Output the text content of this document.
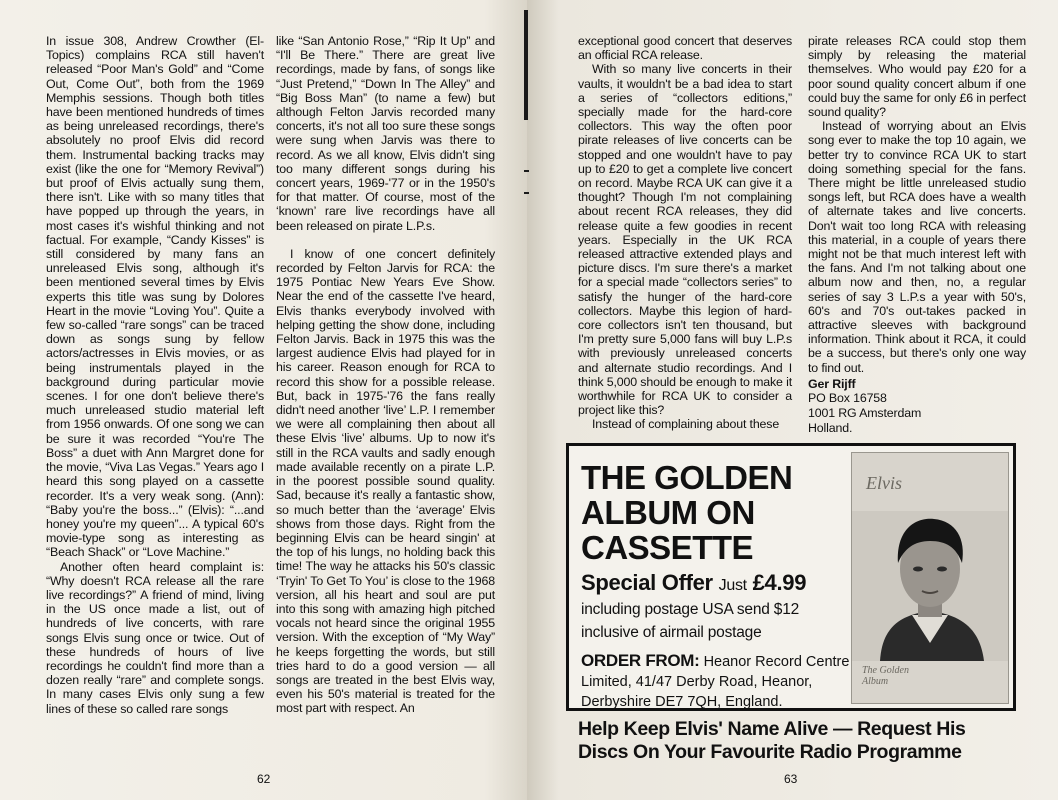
In issue 308, Andrew Crowther (El-Topics) complains RCA still haven't released “Poor Man's Gold” and “Come Out, Come Out”, both from the 1969 Memphis sessions. Though both titles have been mentioned hundreds of times as being unreleased recordings, there's absolutely no proof Elvis did record them. Instrumental backing tracks may exist (like the one for “Memory Revival”) but proof of Elvis actually sung them, there isn't. Like with so many titles that have popped up through the years, in most cases it's wishful thinking and not factual. For example, “Candy Kisses” is still considered by many fans an unreleased Elvis song, although it's been mentioned several times by Elvis experts this title was sung by Dolores Heart in the movie “Loving You”. Quite a few so-called “rare songs” can be traced down as songs sung by fellow actors/actresses in Elvis movies, or as being instrumentals played in the background during particular movie scenes. I for one don't believe there's much unreleased studio material left from 1956 onwards. Of one song we can be sure it was recorded “You're The Boss” a duet with Ann Margret done for the movie, “Viva Las Vegas.” Years ago I heard this song played on a cassette recorder. It's a very weak song. (Ann): “Baby you're the boss...” (Elvis): “...and honey you're my queen”... A typical 60's movie-type song as interesting as “Beach Shack” or “Love Machine.”

Another often heard complaint is: “Why doesn't RCA release all the rare live recordings?” A friend of mind, living in the US once made a list, out of hundreds of live concerts, with rare songs Elvis sung once or twice. Out of these hundreds of hours of live recordings he couldn't find more than a dozen really “rare” and complete songs. In many cases Elvis only sung a few lines of these so called rare songs

like “San Antonio Rose,” “Rip It Up” and “I'll Be There.” There are great live recordings, made by fans, of songs like “Just Pretend,” “Down In The Alley” and “Big Boss Man” (to name a few) but although Felton Jarvis recorded many concerts, it's not all too sure these songs were sung when Jarvis was there to record. As we all know, Elvis didn't sing too many different songs during his concert years, 1969-'77 or in the 1950's for that matter. Of course, most of the ‘known’ rare live recordings have all been released on pirate L.P.s.

I know of one concert definitely recorded by Felton Jarvis for RCA: the 1975 Pontiac New Years Eve Show. Near the end of the cassette I've heard, Elvis thanks everybody involved with helping getting the show done, including Felton Jarvis. Back in 1975 this was the largest audience Elvis had played for in his career. Reason enough for RCA to record this show for a possible release. But, back in 1975-'76 the fans really didn't need another ‘live’ L.P. I remember we were all complaining then about all these Elvis ‘live’ albums. Up to now it's still in the RCA vaults and sadly enough made available recently on a pirate L.P. in the poorest possible sound quality. Sad, because it's really a fantastic show, so much better than the ‘average’ Elvis shows from those days. Right from the beginning Elvis can be heard singin' at the top of his lungs, no holding back this time! The way he attacks his 50's classic ‘Tryin' To Get To You’ is close to the 1968 version, all his heart and soul are put into this song with amazing high pitched vocals not heard since the original 1955 version. With the exception of “My Way” he keeps forgetting the words, but still tries hard to do a good version — all songs are treated in the best Elvis way, even his 50's material is treated for the most part with respect. An

62

exceptional good concert that deserves an official RCA release.

With so many live concerts in their vaults, it wouldn't be a bad idea to start a series of “collectors editions,” specially made for the hard-core collectors. This way the often poor pirate releases of live concerts can be stopped and one wouldn't have to pay up to £20 to get a complete live concert on record. Maybe RCA UK can give it a thought? Though I'm not complaining about recent RCA releases, they did release quite a few goodies in recent years. Especially in the UK RCA released attractive extended plays and picture discs. I'm sure there's a market for a special made “collectors series” to satisfy the hunger of the hard-core collectors. Maybe this legion of hard-core collectors isn't ten thousand, but I'm pretty sure 5,000 fans will buy L.P.s with previously unreleased concerts and alternate studio recordings. And I think 5,000 should be enough to make it worthwhile for RCA UK to consider a project like this?

Instead of complaining about these

pirate releases RCA could stop them simply by releasing the material themselves. Who would pay £20 for a poor sound quality concert album if one could buy the same for only £6 in perfect sound quality?

Instead of worrying about an Elvis song ever to make the top 10 again, we better try to convince RCA UK to start doing something special for the fans. There might be little unreleased studio songs left, but RCA does have a wealth of alternate takes and live concerts. Don't wait too long RCA with releasing this material, in a couple of years there might not be that much interest left with the fans. And I'm not talking about one album now and then, no, a regular series of say 3 L.P.s a year with 50's, 60's and 70's out-takes packed in attractive sleeves with background information. Think about it RCA, it could be a success, but there's only one way to find out.

Ger Rijff
PO Box 16758
1001 RG Amsterdam
Holland.
THE GOLDEN
ALBUM ON
CASSETTE
Special Offer Just £4.99
including postage USA send $12
inclusive of airmail postage
ORDER FROM: Heanor Record Centre
Limited, 41/47 Derby Road, Heanor,
Derbyshire DE7 7QH, England.
Elvis
The Golden
Album
Help Keep Elvis' Name Alive — Request His
Discs On Your Favourite Radio Programme
63
